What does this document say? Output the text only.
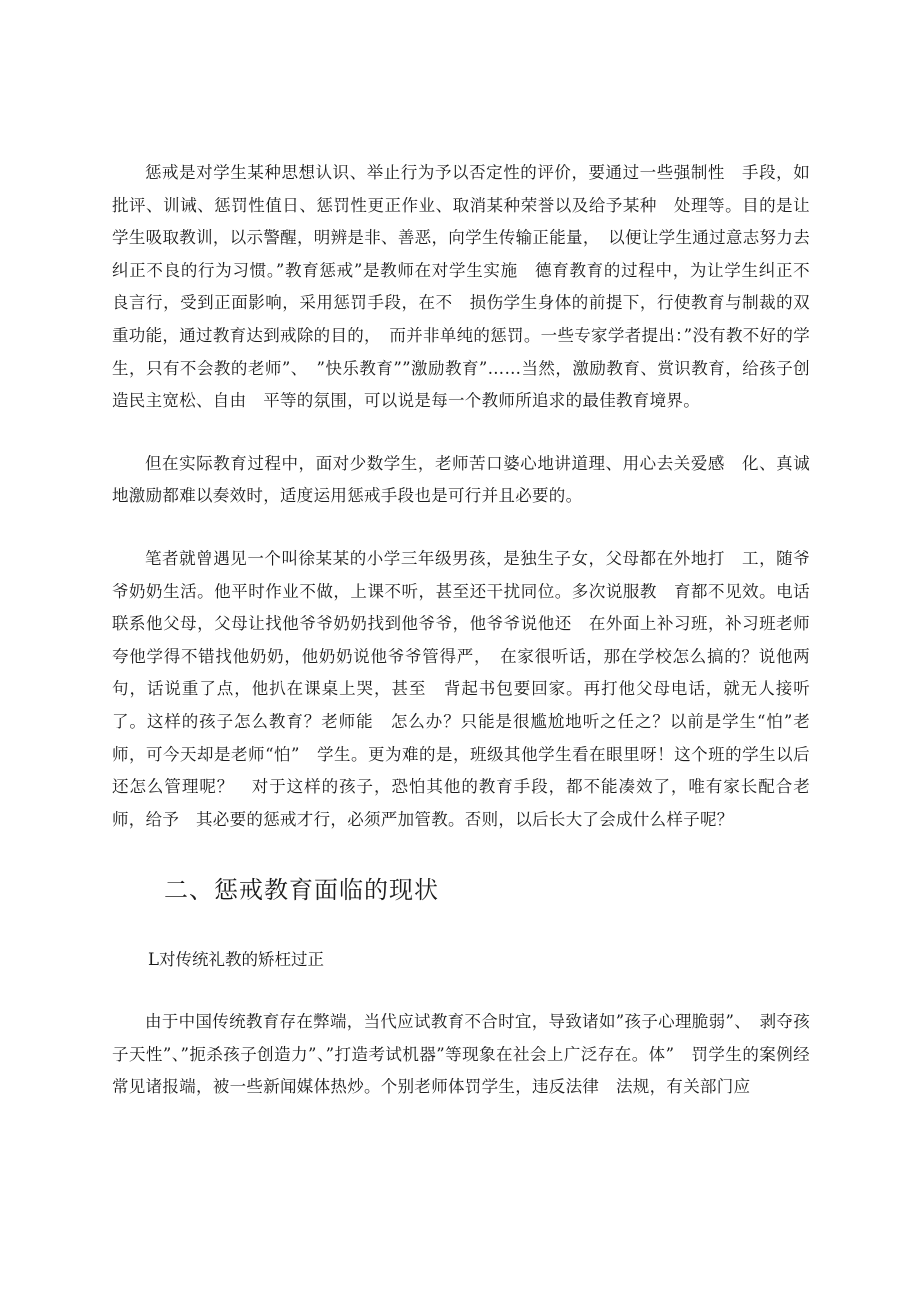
惩戒是对学生某种思想认识、举止行为予以否定性的评价，要通过一些强制性　手段，如批评、训诫、惩罚性值日、惩罚性更正作业、取消某种荣誉以及给予某种　处理等。目的是让学生吸取教训，以示警醒，明辨是非、善恶，向学生传输正能量，　以便让学生通过意志努力去纠正不良的行为习惯。”教育惩戒”是教师在对学生实施　德育教育的过程中，为让学生纠正不良言行，受到正面影响，采用惩罚手段，在不　损伤学生身体的前提下，行使教育与制裁的双重功能，通过教育达到戒除的目的，　而并非单纯的惩罚。一些专家学者提出：”没有教不好的学生，只有不会教的老师”、　”快乐教育””激励教育”……当然，激励教育、赏识教育，给孩子创造民主宽松、自由　平等的氛围，可以说是每一个教师所追求的最佳教育境界。

但在实际教育过程中，面对少数学生，老师苦口婆心地讲道理、用心去关爱感　化、真诚地激励都难以奏效时，适度运用惩戒手段也是可行并且必要的。

笔者就曾遇见一个叫徐某某的小学三年级男孩，是独生子女，父母都在外地打　工，随爷爷奶奶生活。他平时作业不做，上课不听，甚至还干扰同位。多次说服教　育都不见效。电话联系他父母，父母让找他爷爷奶奶找到他爷爷，他爷爷说他还　在外面上补习班，补习班老师夸他学得不错找他奶奶，他奶奶说他爷爷管得严，　在家很听话，那在学校怎么搞的？说他两句，话说重了点，他扒在课桌上哭，甚至　背起书包要回家。再打他父母电话，就无人接听了。这样的孩子怎么教育？老师能　怎么办？只能是很尴尬地听之任之？以前是学生“怕”老师，可今天却是老师“怕”　学生。更为难的是，班级其他学生看在眼里呀！这个班的学生以后还怎么管理呢？　对于这样的孩子，恐怕其他的教育手段，都不能凑效了，唯有家长配合老师，给予　其必要的惩戒才行，必须严加管教。否则，以后长大了会成什么样子呢？

二、惩戒教育面临的现状
L对传统礼教的矫枉过正

由于中国传统教育存在弊端，当代应试教育不合时宜，导致诸如”孩子心理脆弱”、　剥夺孩子天性”、”扼杀孩子创造力”、”打造考试机器”等现象在社会上广泛存在。体”　罚学生的案例经常见诸报端，被一些新闻媒体热炒。个别老师体罚学生，违反法律　法规，有关部门应
